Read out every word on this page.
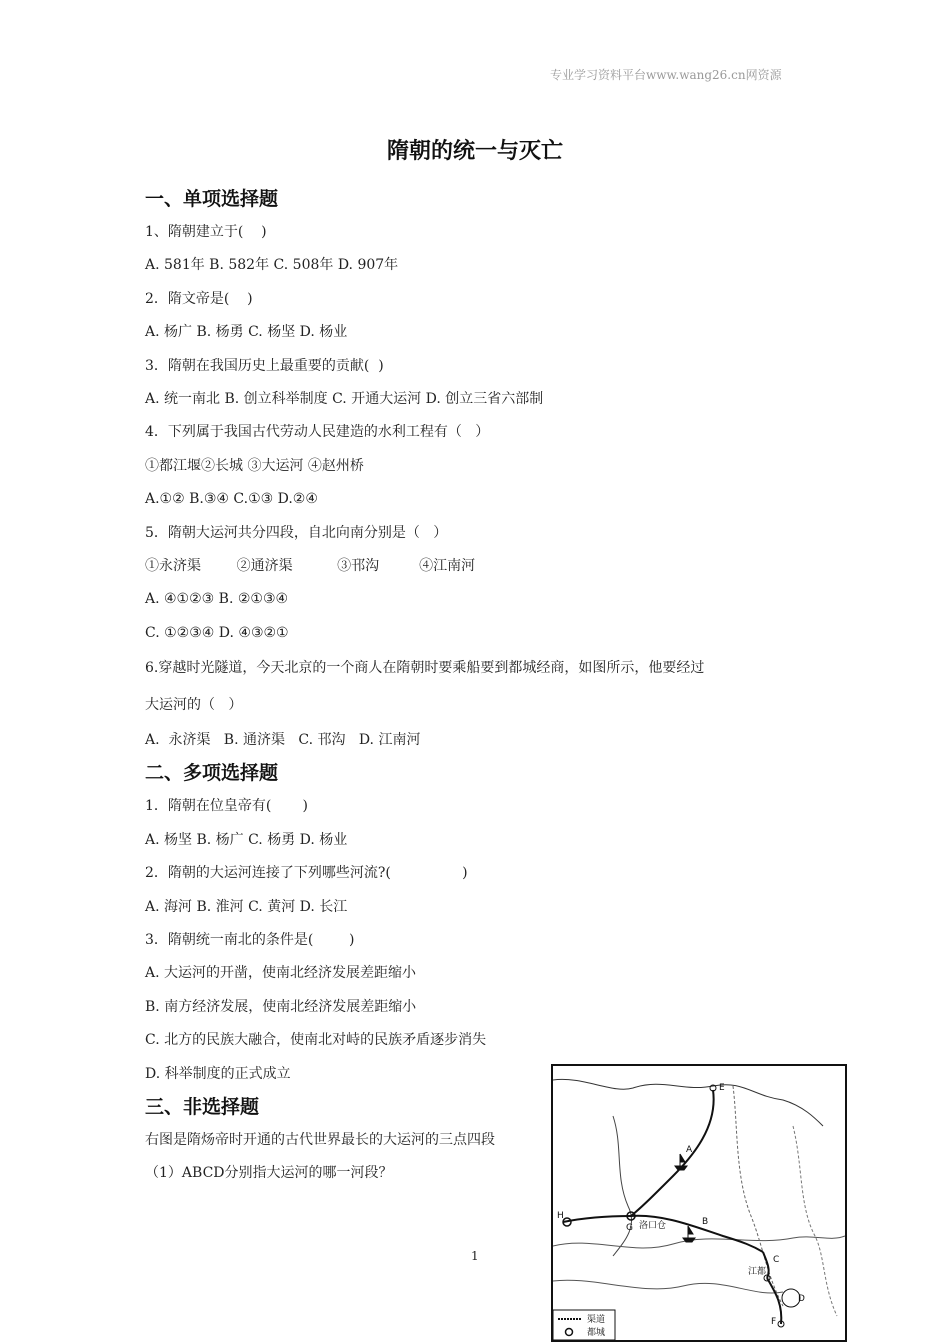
专业学习资料平台www.wang26.cn网资源
隋朝的统一与灭亡
一、单项选择题
1、隋朝建立于(    )
A. 581年 B. 582年 C. 508年 D. 907年
2．隋文帝是(    )
A. 杨广 B. 杨勇 C. 杨坚 D. 杨业
3．隋朝在我国历史上最重要的贡献(  )
A. 统一南北 B. 创立科举制度 C. 开通大运河 D. 创立三省六部制
4．下列属于我国古代劳动人民建造的水利工程有（   ）
①都江堰②长城 ③大运河 ④赵州桥
A.①② B.③④ C.①③ D.②④
5．隋朝大运河共分四段，自北向南分别是（   ）
①永济渠        ②通济渠          ③邗沟         ④江南河
A. ④①②③ B. ②①③④
C. ①②③④ D. ④③②①
6.穿越时光隧道，今天北京的一个商人在隋朝时要乘船要到都城经商，如图所示，他要经过
大运河的（   ）
A.  永济渠   B. 通济渠   C. 邗沟   D. 江南河
二、多项选择题
1．隋朝在位皇帝有(       )
A. 杨坚 B. 杨广 C. 杨勇 D. 杨业
2．隋朝的大运河连接了下列哪些河流?(                )
A. 海河 B. 淮河 C. 黄河 D. 长江
3．隋朝统一南北的条件是(        )
A. 大运河的开凿，使南北经济发展差距缩小
B. 南方经济发展，使南北经济发展差距缩小
C. 北方的民族大融合，使南北对峙的民族矛盾逐步消失
D. 科举制度的正式成立
三、非选择题
右图是隋炀帝时开通的古代世界最长的大运河的三点四段
（1）ABCD分别指大运河的哪一河段？
1
A
B
C
D
E
F
G
H
洛口仓
江都
渠道
都城
